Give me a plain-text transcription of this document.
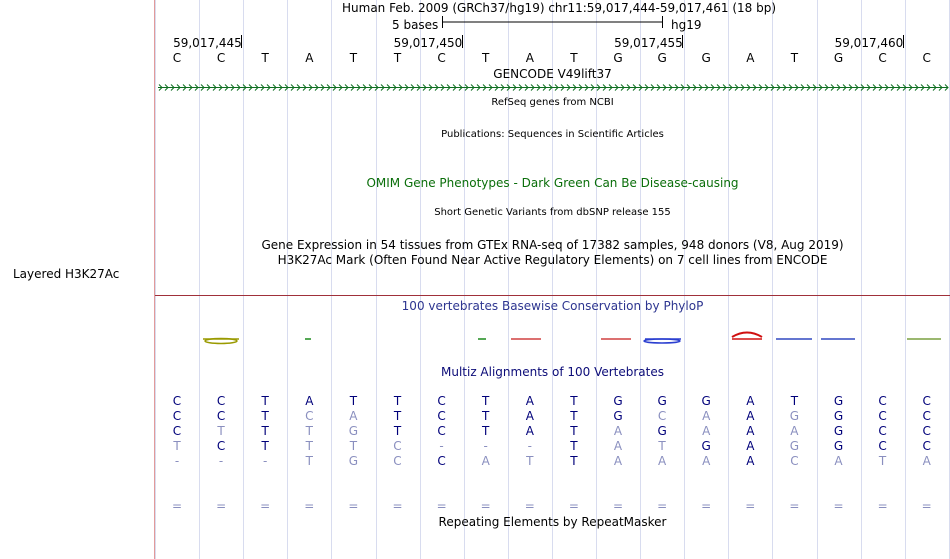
Layered H3K27Ac
Human Feb. 2009 (GRCh37/hg19) chr11:59,017,444-59,017,461 (18 bp)
5 bases	hg19
59,017,445	59,017,450	59,017,455	59,017,460
C	C	T	A	T	T	C	T	A	T	G	G	G	A	T	G	C	C
GENCODE V49lift37
RefSeq genes from NCBI
Publications: Sequences in Scientific Articles
OMIM Gene Phenotypes - Dark Green Can Be Disease-causing
Short Genetic Variants from dbSNP release 155
Gene Expression in 54 tissues from GTEx RNA-seq of 17382 samples, 948 donors (V8, Aug 2019)
H3K27Ac Mark (Often Found Near Active Regulatory Elements) on 7 cell lines from ENCODE
100 vertebrates Basewise Conservation by PhyloP
Multiz Alignments of 100 Vertebrates
C	C	T	A	T	T	C	T	A	T	G	G	G	A	T	G	C	C
C	C	T	C	A	T	C	T	A	T	G	C	A	A	G	G	C	C
C	T	T	T	G	T	C	T	A	T	A	G	A	A	A	G	C	C
T	C	T	T	T	C	-	-	-	T	A	T	G	A	G	G	C	C
-	-	-	T	G	C	C	A	T	T	A	A	A	A	C	A	T	A
=	=	=	=	=	=	=	=	=	=	=	=	=	=	=	=	=	=
Repeating Elements by RepeatMasker
